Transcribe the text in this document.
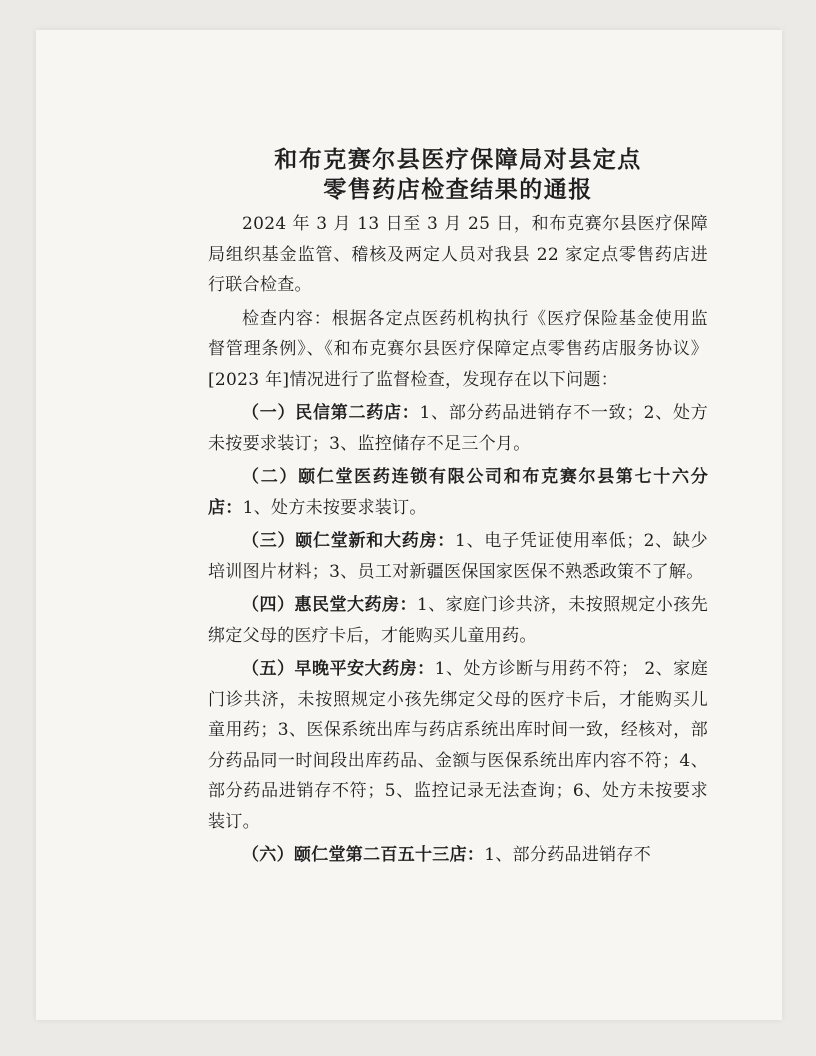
和布克赛尔县医疗保障局对县定点
零售药店检查结果的通报

2024 年 3 月 13 日至 3 月 25 日，和布克赛尔县医疗保障局组织基金监管、稽核及两定人员对我县 22 家定点零售药店进行联合检查。

检查内容：根据各定点医药机构执行《医疗保险基金使用监督管理条例》、《和布克赛尔县医疗保障定点零售药店服务协议》[2023 年]情况进行了监督检查，发现存在以下问题：

（一）民信第二药店：1、部分药品进销存不一致；2、处方未按要求装订；3、监控储存不足三个月。

（二）颐仁堂医药连锁有限公司和布克赛尔县第七十六分店：1、处方未按要求装订。

（三）颐仁堂新和大药房：1、电子凭证使用率低；2、缺少培训图片材料；3、员工对新疆医保国家医保不熟悉政策不了解。

（四）惠民堂大药房：1、家庭门诊共济，未按照规定小孩先绑定父母的医疗卡后，才能购买儿童用药。

（五）早晚平安大药房：1、处方诊断与用药不符； 2、家庭门诊共济，未按照规定小孩先绑定父母的医疗卡后，才能购买儿童用药；3、医保系统出库与药店系统出库时间一致，经核对，部分药品同一时间段出库药品、金额与医保系统出库内容不符；4、部分药品进销存不符；5、监控记录无法查询；6、处方未按要求装订。

（六）颐仁堂第二百五十三店：1、部分药品进销存不
